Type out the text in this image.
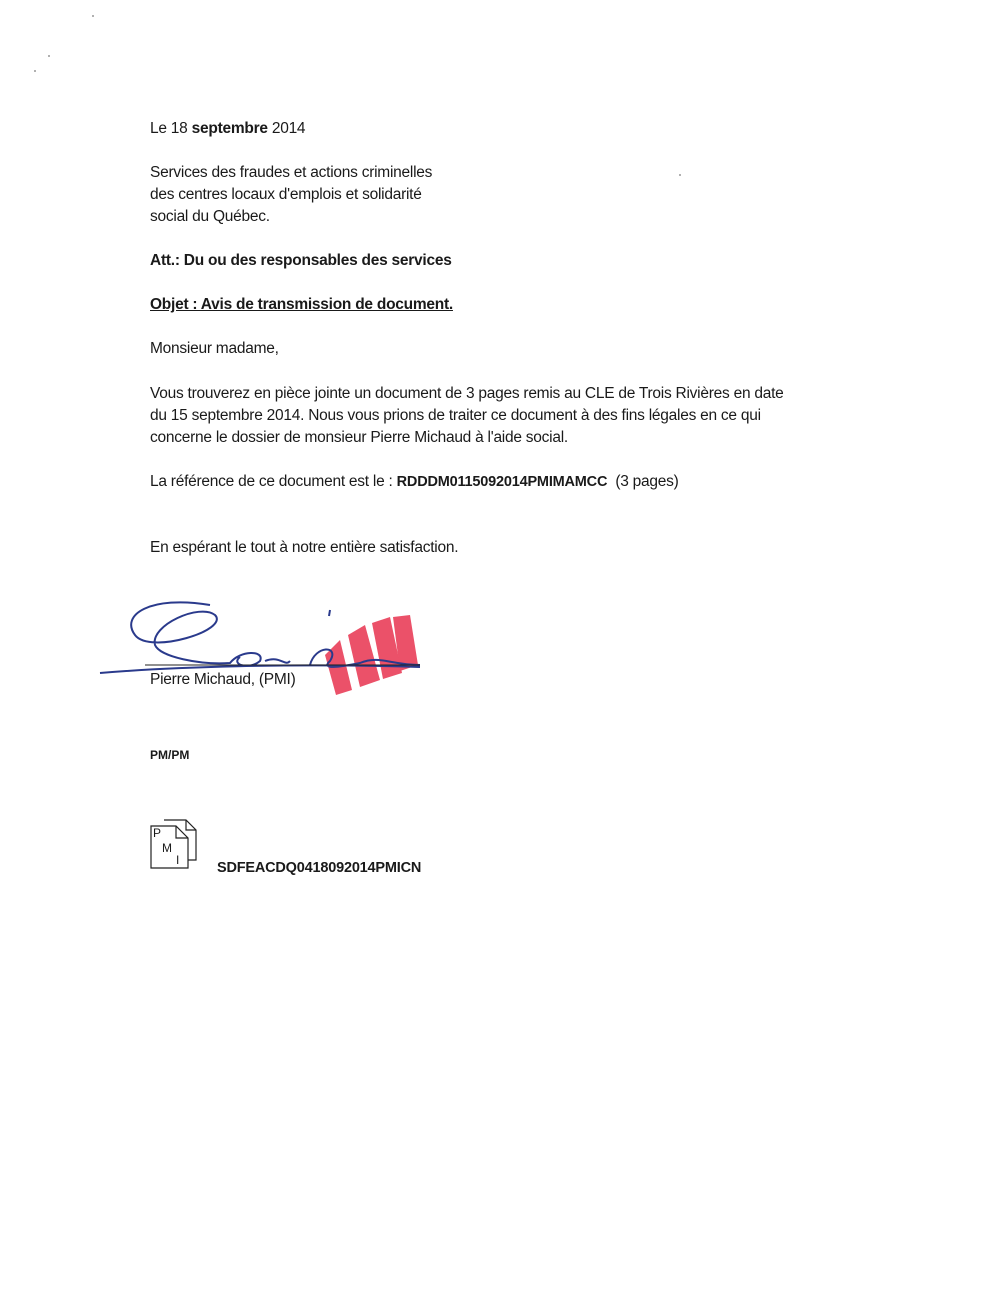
Le 18 septembre 2014
Services des fraudes et actions criminelles
des centres locaux d'emplois et solidarité
social du Québec.
Att.: Du ou des responsables des services
Objet : Avis de transmission de document.
Monsieur madame,
Vous trouverez en pièce jointe un document de 3 pages remis au CLE de Trois Rivières en date
du 15 septembre 2014. Nous vous prions de traiter ce document à des fins légales en ce qui
concerne le dossier de monsieur Pierre Michaud à l'aide social.
La référence de ce document est le : RDDDM0115092014PMIMAMCC  (3 pages)
En espérant le tout à notre entière satisfaction.
Pierre Michaud, (PMI)
PM/PM
P
M
I	SDFEACDQ0418092014PMICN
